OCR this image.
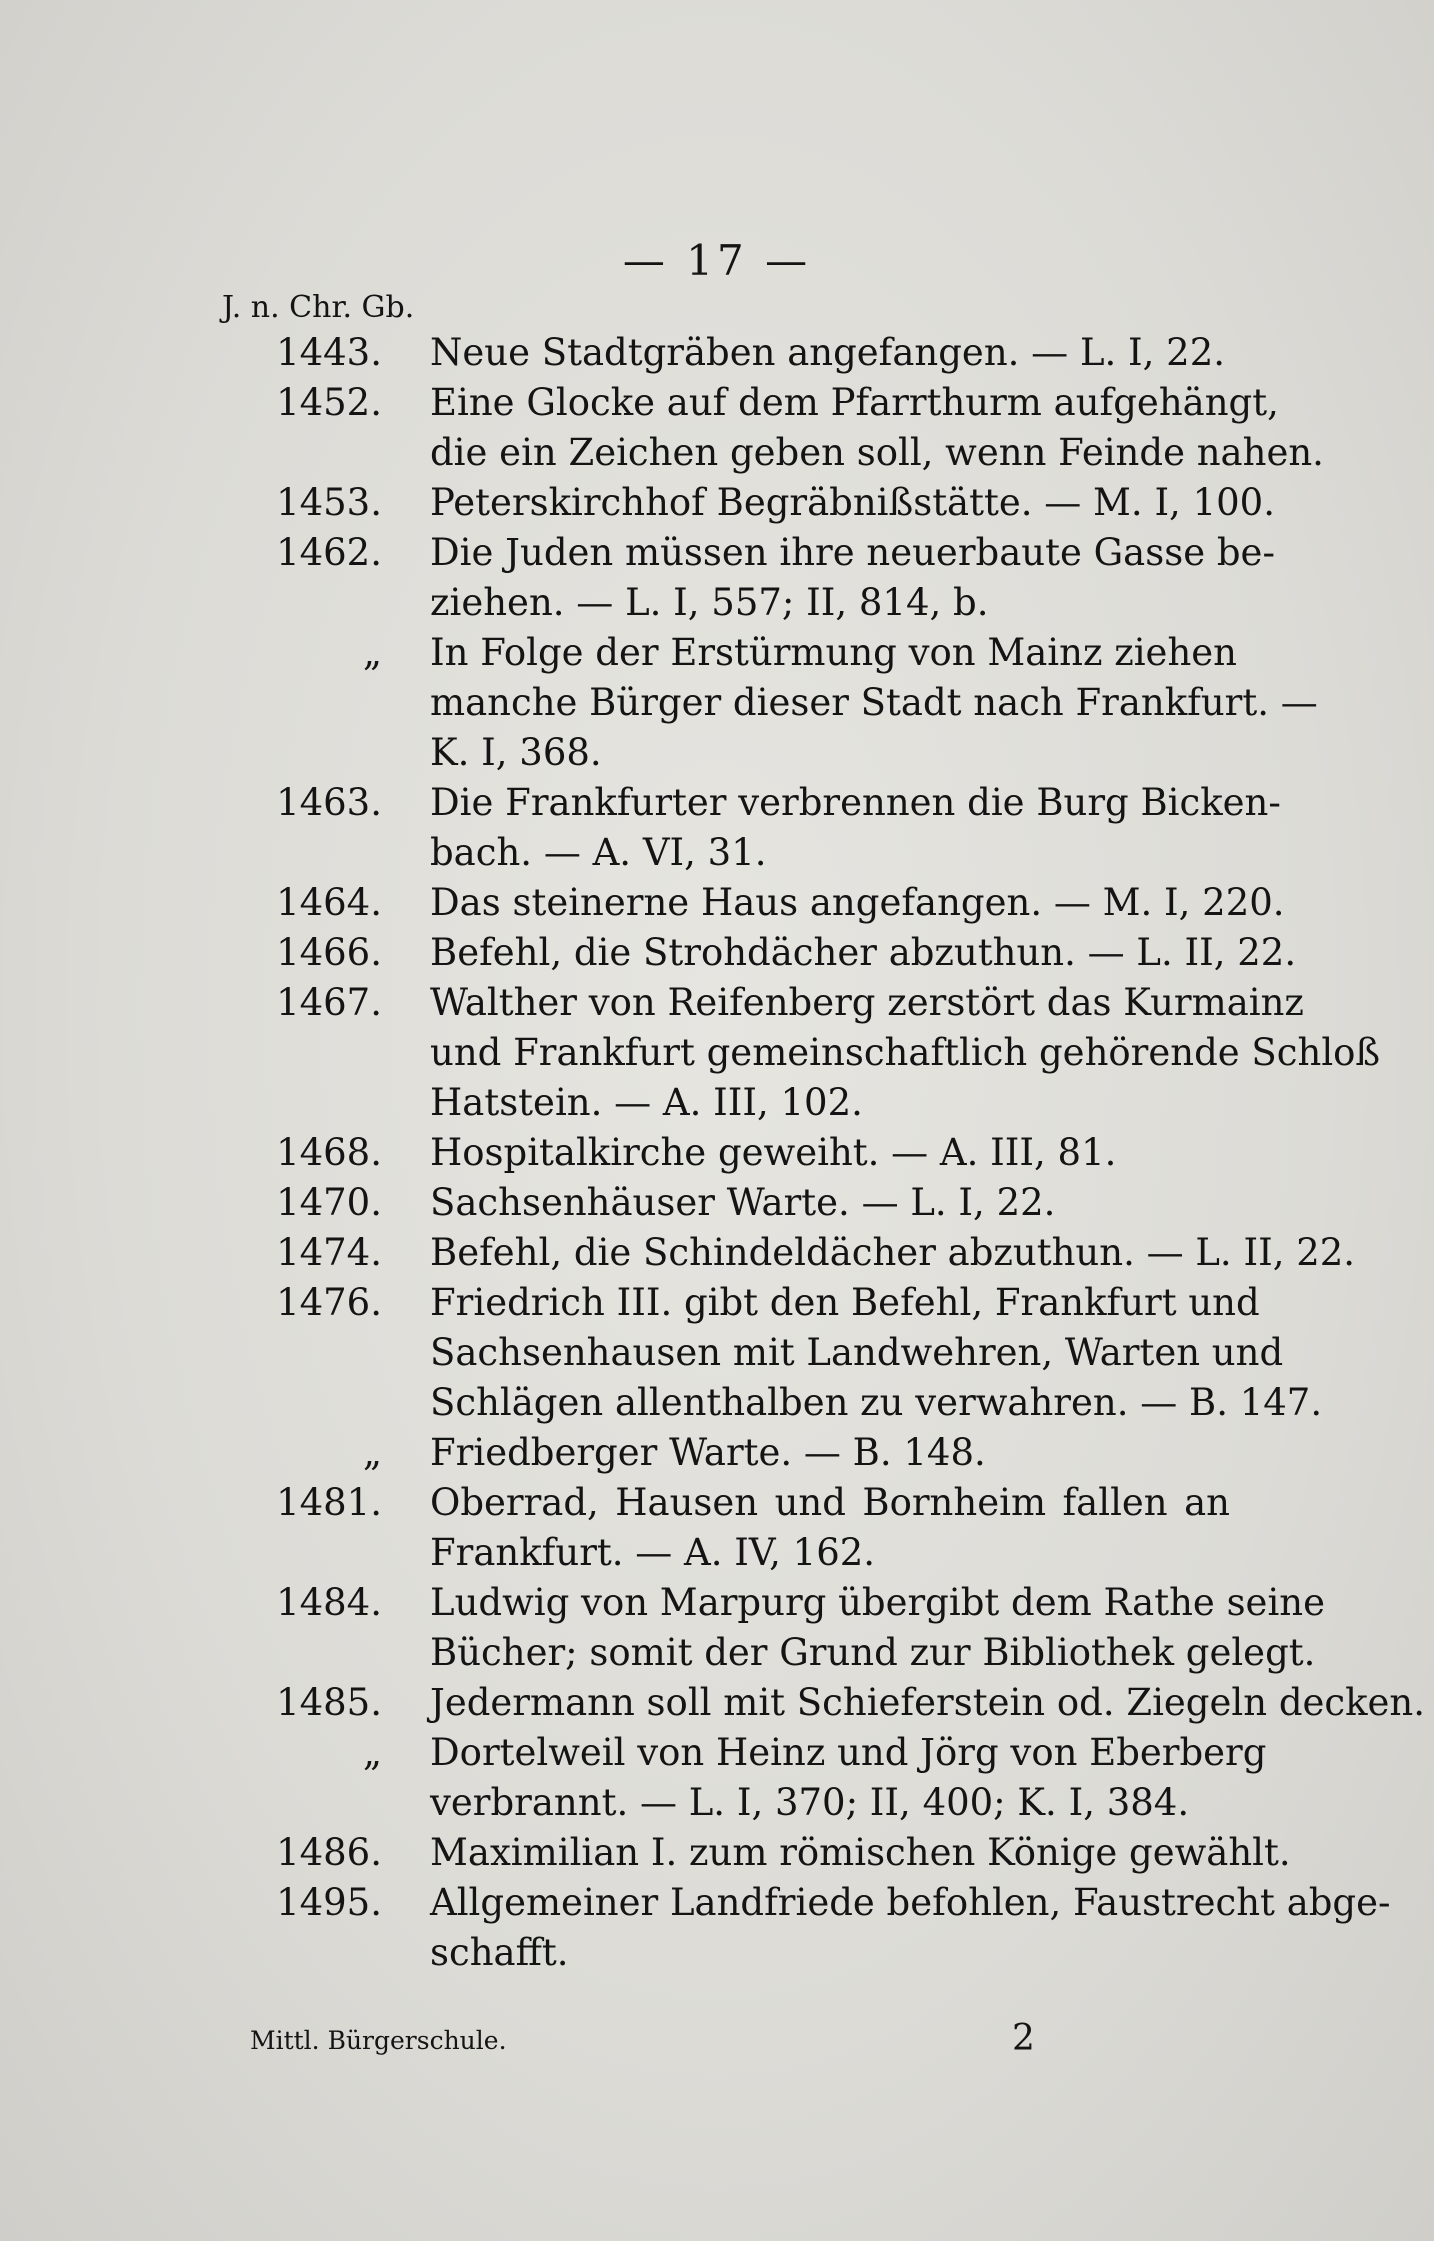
— 17 —
J. n. Chr. Gb.
1443. Neue Stadtgräben angefangen. — L. I, 22.
1452. Eine Glocke auf dem Pfarrthurm aufgehängt,
die ein Zeichen geben soll, wenn Feinde nahen.
1453. Peterskirchhof Begräbnißstätte. — M. I, 100.
1462. Die Juden müssen ihre neuerbaute Gasse be-
ziehen. — L. I, 557; II, 814, b.
„ In Folge der Erstürmung von Mainz ziehen
manche Bürger dieser Stadt nach Frankfurt. —
K. I, 368.
1463. Die Frankfurter verbrennen die Burg Bicken-
bach. — A. VI, 31.
1464. Das steinerne Haus angefangen. — M. I, 220.
1466. Befehl, die Strohdächer abzuthun. — L. II, 22.
1467. Walther von Reifenberg zerstört das Kurmainz
und Frankfurt gemeinschaftlich gehörende Schloß
Hatstein. — A. III, 102.
1468. Hospitalkirche geweiht. — A. III, 81.
1470. Sachsenhäuser Warte. — L. I, 22.
1474. Befehl, die Schindeldächer abzuthun. — L. II, 22.
1476. Friedrich III. gibt den Befehl, Frankfurt und
Sachsenhausen mit Landwehren, Warten und
Schlägen allenthalben zu verwahren. — B. 147.
„ Friedberger Warte. — B. 148.
1481. Oberrad, Hausen und Bornheim fallen an
Frankfurt. — A. IV, 162.
1484. Ludwig von Marpurg übergibt dem Rathe seine
Bücher; somit der Grund zur Bibliothek gelegt.
1485. Jedermann soll mit Schieferstein od. Ziegeln decken.
„ Dortelweil von Heinz und Jörg von Eberberg
verbrannt. — L. I, 370; II, 400; K. I, 384.
1486. Maximilian I. zum römischen Könige gewählt.
1495. Allgemeiner Landfriede befohlen, Faustrecht abge-
schafft.
Mittl. Bürgerschule.	2
